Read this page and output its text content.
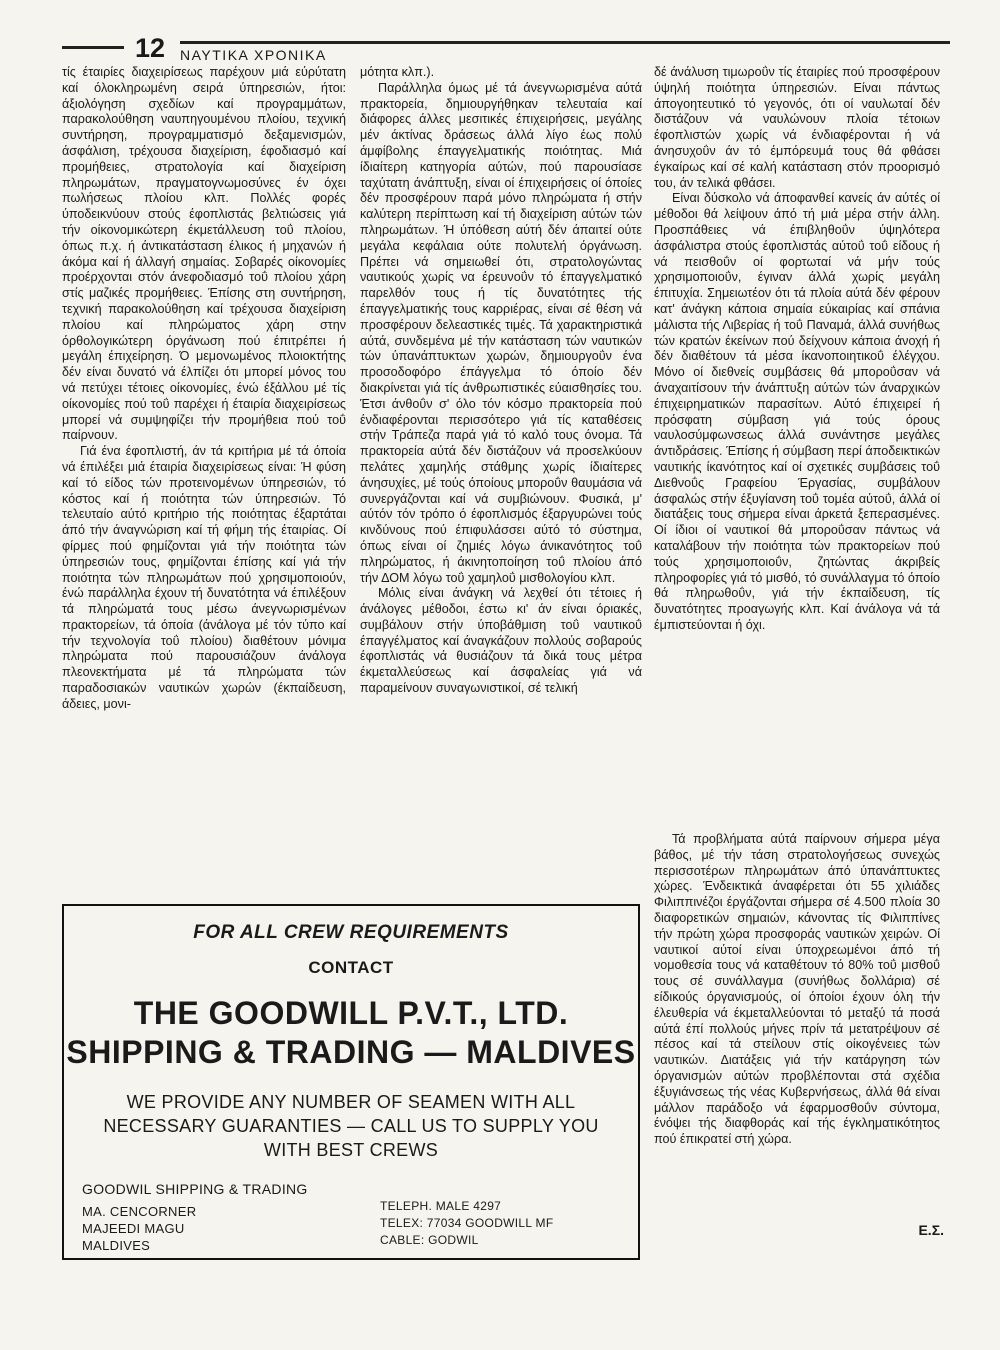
12 ΝΑΥΤΙΚΑ ΧΡΟΝΙΚΑ

τίς έταιρίες διαχειρίσεως παρέχουν μιά εύρύτατη καί όλοκληρωμένη σειρά ύπηρεσιών, ήτοι: άξιολόγηση σχεδίων καί προγραμμάτων, παρακολούθηση ναυπηγουμένου πλοίου, τεχνική συντήρηση, προγραμματισμό δεξαμενισμών, άσφάλιση, τρέχουσα διαχείριση, έφοδιασμό καί προμήθειες, στρατολογία καί διαχείριση πληρωμάτων, πραγματογνωμοσύνες έν όχει πωλήσεως πλοίου κλπ. Πολλές φορές ύποδεικνύουν στούς έφοπλιστάς βελτιώσεις γιά τήν οίκονομικώτερη έκμετάλλευση τοΰ πλοίου, όπως π.χ. ή άντικατάσταση έλικος ή μηχανών ή άκόμα καί ή άλλαγή σημαίας. Σοβαρές οίκονομίες προέρχονται στόν άνεφοδιασμό τοΰ πλοίου χάρη στίς μαζικές προμήθειες. Έπίσης στη συντήρηση, τεχνική παρακολούθηση καί τρέχουσα διαχείριση πλοίου καί πληρώματος χάρη στην όρθολογικώτερη όργάνωση πού έπιτρέπει ή μεγάλη έπιχείρηση. Ό μεμονωμένος πλοιοκτήτης δέν είναι δυνατό νά έλπίζει ότι μπορεί μόνος του νά πετύχει τέτοιες οίκονομίες, ένώ έξάλλου μέ τίς οίκονομίες πού τοΰ παρέχει ή έταιρία διαχειρίσεως μπορεί νά συμψηφίζει τήν προμήθεια πού τοΰ παίρνουν.

Γιά ένα έφοπλιστή, άν τά κριτήρια μέ τά όποία νά έπιλέξει μιά έταιρία διαχειρίσεως είναι: Ή φύση καί τό είδος τών προτεινομένων ύπηρεσιών, τό κόστος καί ή ποιότητα τών ύπηρεσιών. Τό τελευταίο αύτό κριτήριο τής ποιότητας έξαρτάται άπό τήν άναγνώριση καί τή φήμη τής έταιρίας. Οί φίρμες πού φημίζονται γιά τήν ποιότητα τών ύπηρεσιών τους, φημίζονται έπίσης καί γιά τήν ποιότητα τών πληρωμάτων πού χρησιμοποιούν, ένώ παράλληλα έχουν τή δυνατότητα νά έπιλέξουν τά πληρώματά τους μέσω άνεγνωρισμένων πρακτορείων, τά όποία (άνάλογα μέ τόν τύπο καί τήν τεχνολογία τοΰ πλοίου) διαθέτουν μόνιμα πληρώματα πού παρουσιάζουν άνάλογα πλεονεκτήματα μέ τά πληρώματα τών παραδοσιακών ναυτικών χωρών (έκπαίδευση, άδειες, μονι-

μότητα κλπ.).

Παράλληλα όμως μέ τά άνεγνωρισμένα αύτά πρακτορεία, δημιουργήθηκαν τελευταία καί διάφορες άλλες μεσιτικές έπιχειρήσεις, μεγάλης μέν άκτίνας δράσεως άλλά λίγο έως πολύ άμφίβολης έπαγγελματικής ποιότητας. Μιά ίδιαίτερη κατηγορία αύτών, πού παρουσίασε ταχύτατη άνάπτυξη, είναι οί έπιχειρήσεις οί όποίες δέν προσφέρουν παρά μόνο πληρώματα ή στήν καλύτερη περίπτωση καί τή διαχείριση αύτών τών πληρωμάτων. Ή ύπόθεση αύτή δέν άπαιτεί ούτε μεγάλα κεφάλαια ούτε πολυτελή όργάνωση. Πρέπει νά σημειωθεί ότι, στρατολογώντας ναυτικούς χωρίς να έρευνοΰν τό έπαγγελματικό παρελθόν τους ή τίς δυνατότητες τής έπαγγελματικής τους καρριέρας, είναι σέ θέση νά προσφέρουν δελεαστικές τιμές. Τά χαρακτηριστικά αύτά, συνδεμένα μέ τήν κατάσταση τών ναυτικών τών ύπανάπτυκτων χωρών, δημιουργοΰν ένα προσοδοφόρο έπάγγελμα τό όποίο δέν διακρίνεται γιά τίς άνθρωπιστικές εύαισθησίες του. Έτσι άνθοΰν σ' όλο τόν κόσμο πρακτορεία πού ένδιαφέρονται περισσότερο γιά τίς καταθέσεις στήν Τράπεζα παρά γιά τό καλό τους όνομα. Τά πρακτορεία αύτά δέν διστάζουν νά προσελκύουν πελάτες χαμηλής στάθμης χωρίς ίδιαίτερες άνησυχίες, μέ τούς όποίους μποροΰν θαυμάσια νά συνεργάζονται καί νά συμβιώνουν. Φυσικά, μ' αύτόν τόν τρόπο ό έφοπλισμός έξαργυρώνει τούς κινδύνους πού έπιφυλάσσει αύτό τό σύστημα, όπως είναι οί ζημιές λόγω άνικανότητος τοΰ πληρώματος, ή άκινητοποίηση τοΰ πλοίου άπό τήν ΔΟΜ λόγω τοΰ χαμηλοΰ μισθολογίου κλπ.

Μόλις είναι άνάγκη νά λεχθεί ότι τέτοιες ή άνάλογες μέθοδοι, έστω κι' άν είναι όριακές, συμβάλουν στήν ύποβάθμιση τοΰ ναυτικοΰ έπαγγέλματος καί άναγκάζουν πολλούς σοβαρούς έφοπλιστάς νά θυσιάζουν τά δικά τους μέτρα έκμεταλλεύσεως καί άσφαλείας γιά νά παραμείνουν συναγωνιστικοί, σέ τελική

δέ άνάλυση τιμωροΰν τίς έταιρίες πού προσφέρουν ύψηλή ποιότητα ύπηρεσιών. Είναι πάντως άπογοητευτικό τό γεγονός, ότι οί ναυλωταί δέν διστάζουν νά ναυλώνουν πλοία τέτοιων έφοπλιστών χωρίς νά ένδιαφέρονται ή νά άνησυχοΰν άν τό έμπόρευμά τους θά φθάσει έγκαίρως καί σέ καλή κατάσταση στόν προορισμό του, άν τελικά φθάσει.

Είναι δύσκολο νά άποφανθεί κανείς άν αύτές οί μέθοδοι θά λείψουν άπό τή μιά μέρα στήν άλλη. Προσπάθειες νά έπιβληθοΰν ύψηλότερα άσφάλιστρα στούς έφοπλιστάς αύτοΰ τοΰ είδους ή νά πεισθοΰν οί φορτωταί νά μήν τούς χρησιμοποιοΰν, έγιναν άλλά χωρίς μεγάλη έπιτυχία. Σημειωτέον ότι τά πλοία αύτά δέν φέρουν κατ' άνάγκη κάποια σημαία εύκαιρίας καί σπάνια μάλιστα τής Λιβερίας ή τοΰ Παναμά, άλλά συνήθως τών κρατών έκείνων πού δείχνουν κάποια άνοχή ή δέν διαθέτουν τά μέσα ίκανοποιητικοΰ έλέγχου. Μόνο οί διεθνείς συμβάσεις θά μποροΰσαν νά άναχαιτίσουν τήν άνάπτυξη αύτών τών άναρχικών έπιχειρηματικών παρασίτων. Αύτό έπιχειρεί ή πρόσφατη σύμβαση γιά τούς όρους ναυλοσύμφωνσεως άλλά συνάντησε μεγάλες άντιδράσεις. Έπίσης ή σύμβαση περί άποδεικτικών ναυτικής ίκανότητος καί οί σχετικές συμβάσεις τοΰ Διεθνοΰς Γραφείου Έργασίας, συμβάλουν άσφαλώς στήν έξυγίανση τοΰ τομέα αύτοΰ, άλλά οί διατάξεις τους σήμερα είναι άρκετά ξεπερασμένες. Οί ίδιοι οί ναυτικοί θά μποροΰσαν πάντως νά καταλάβουν τήν ποιότητα τών πρακτορείων πού τούς χρησιμοποιοΰν, ζητώντας άκριβείς πληροφορίες γιά τό μισθό, τό συνάλλαγμα τό όποίο θά πληρωθοΰν, γιά τήν έκπαίδευση, τίς δυνατότητες προαγωγής κλπ. Καί άνάλογα νά τά έμπιστεύονται ή όχι.

Τά προβλήματα αύτά παίρνουν σήμερα μέγα βάθος, μέ τήν τάση στρατολογήσεως συνεχώς περισσοτέρων πληρωμάτων άπό ύπανάπτυκτες χώρες. Ένδεικτικά άναφέρεται ότι 55 χιλιάδες Φιλιππινέζοι έργάζονται σήμερα σέ 4.500 πλοία 30 διαφορετικών σημαιών, κάνοντας τίς Φιλιππίνες τήν πρώτη χώρα προσφοράς ναυτικών χειρών. Οί ναυτικοί αύτοί είναι ύποχρεωμένοι άπό τή νομοθεσία τους νά καταθέτουν τό 80% τοΰ μισθοΰ τους σέ συνάλλαγμα (συνήθως δολλάρια) σέ είδικούς όργανισμούς, οί όποίοι έχουν όλη τήν έλευθερία νά έκμεταλλεύονται τό μεταξύ τά ποσά αύτά έπί πολλούς μήνες πρίν τά μετατρέψουν σέ πέσος καί τά στείλουν στίς οίκογένειες τών ναυτικών. Διατάξεις γιά τήν κατάργηση τών όργανισμών αύτών προβλέπονται στά σχέδια έξυγιάνσεως τής νέας Κυβερνήσεως, άλλά θά είναι μάλλον παράδοξο νά έφαρμοσθοΰν σύντομα, ένόψει τής διαφθοράς καί τής έγκληματικότητος πού έπικρατεί στή χώρα.

Ε.Σ.
FOR ALL CREW REQUIREMENTS
CONTACT
THE GOODWILL P.V.T., LTD.
SHIPPING & TRADING — MALDIVES
WE PROVIDE ANY NUMBER OF SEAMEN WITH ALL
NECESSARY GUARANTIES — CALL US TO SUPPLY YOU
WITH BEST CREWS
GOODWIL SHIPPING & TRADING
MA. CENCORNER
MAJEEDI MAGU
MALDIVES
TELEPH. MALE 4297
TELEX: 77034 GOODWILL MF
CABLE: GODWIL
